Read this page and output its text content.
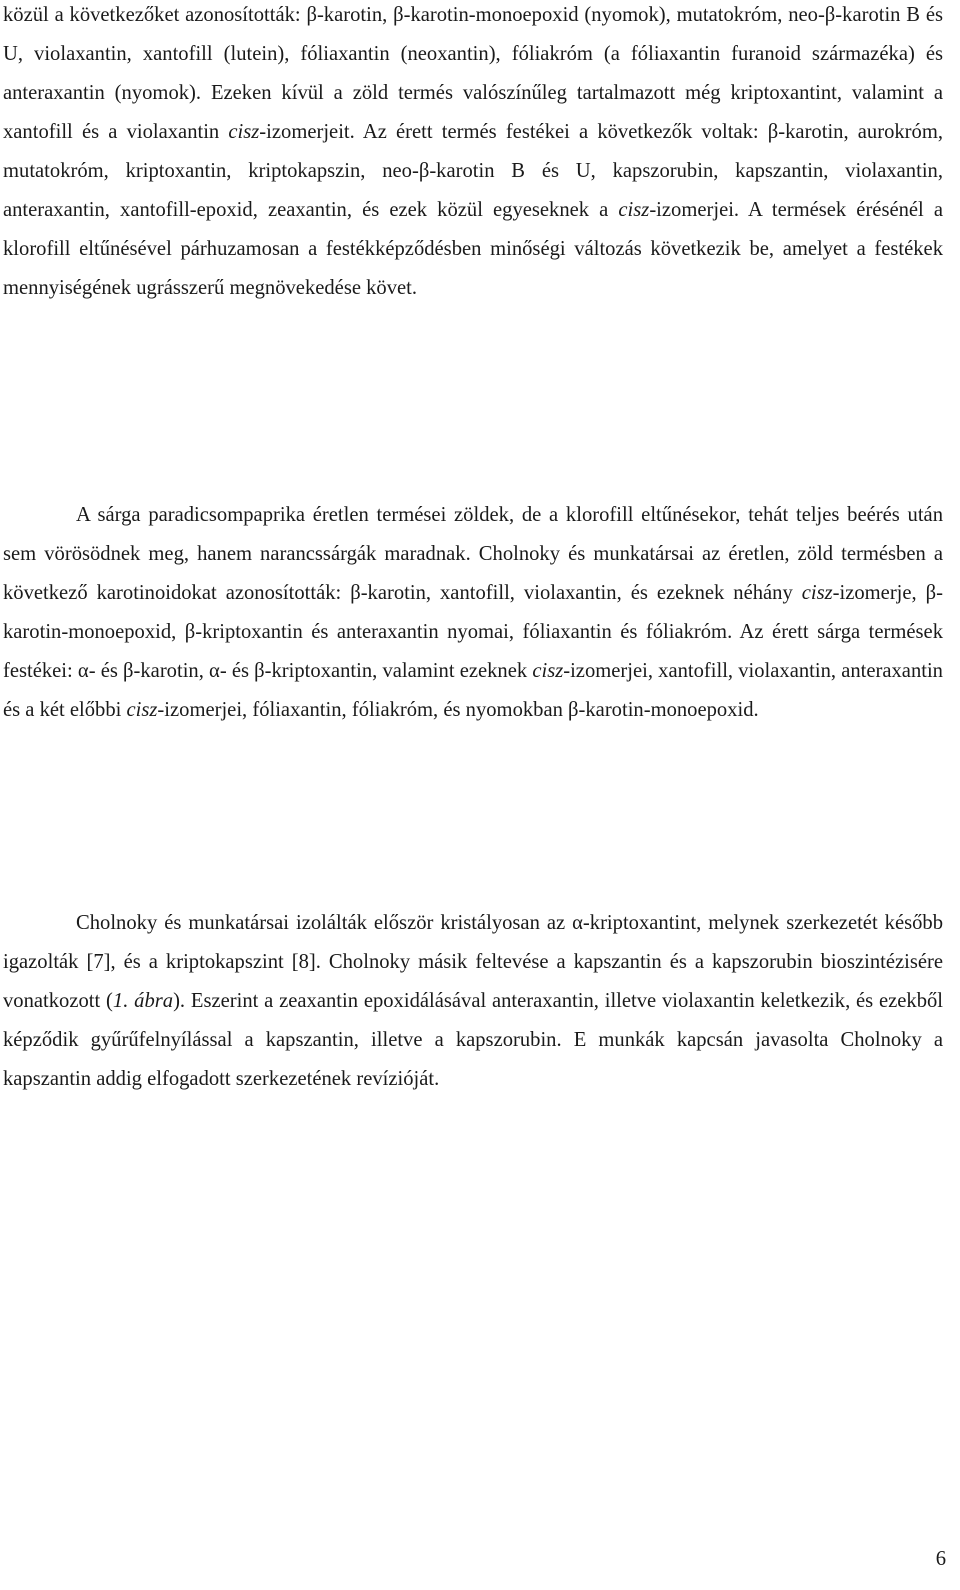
közül a következőket azonosították: β-karotin, β-karotin-monoepoxid (nyomok), mutatokróm, neo-β-karotin B és U, violaxantin, xantofill (lutein), fóliaxantin (neoxantin), fóliakróm (a fóliaxantin furanoid származéka) és anteraxantin (nyomok). Ezeken kívül a zöld termés valószínűleg tartalmazott még kriptoxantint, valamint a xantofill és a violaxantin cisz-izomerjeit. Az érett termés festékei a következők voltak: β-karotin, aurokróm, mutatokróm, kriptoxantin, kriptokapszin, neo-β-karotin B és U, kapszorubin, kapszantin, violaxantin, anteraxantin, xantofill-epoxid, zeaxantin, és ezek közül egyeseknek a cisz-izomerjei. A termések érésénél a klorofill eltűnésével párhuzamosan a festékképződésben minőségi változás következik be, amelyet a festékek mennyiségének ugrásszerű megnövekedése követ.

A sárga paradicsompaprika éretlen termései zöldek, de a klorofill eltűnésekor, tehát teljes beérés után sem vörösödnek meg, hanem narancssárgák maradnak. Cholnoky és munkatársai az éretlen, zöld termésben a következő karotinoidokat azonosították: β-karotin, xantofill, violaxantin, és ezeknek néhány cisz-izomerje, β-karotin-monoepoxid, β-kriptoxantin és anteraxantin nyomai, fóliaxantin és fóliakróm. Az érett sárga termések festékei: α- és β-karotin, α- és β-kriptoxantin, valamint ezeknek cisz-izomerjei, xantofill, violaxantin, anteraxantin és a két előbbi cisz-izomerjei, fóliaxantin, fóliakróm, és nyomokban β-karotin-monoepoxid.

Cholnoky és munkatársai izolálták először kristályosan az α-kriptoxantint, melynek szerkezetét később igazolták [7], és a kriptokapszint [8]. Cholnoky másik feltevése a kapszantin és a kapszorubin bioszintézisére vonatkozott (1. ábra). Eszerint a zeaxantin epoxidálásával anteraxantin, illetve violaxantin keletkezik, és ezekből képződik gyűrűfelnyílással a kapszantin, illetve a kapszorubin. E munkák kapcsán javasolta Cholnoky a kapszantin addig elfogadott szerkezetének revízióját.

6
